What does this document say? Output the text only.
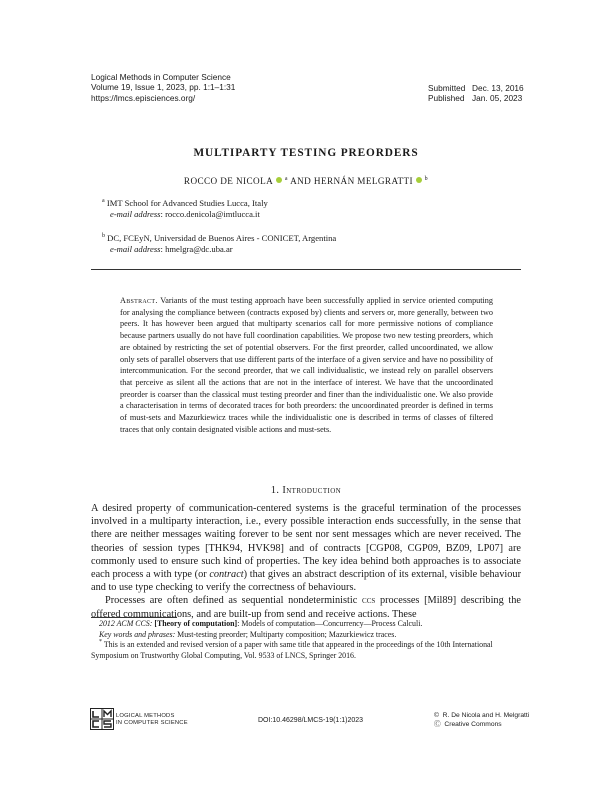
Logical Methods in Computer Science
Volume 19, Issue 1, 2023, pp. 1:1–1:31
https://lmcs.episciences.org/
Submitted Dec. 13, 2016
Published Jan. 05, 2023
MULTIPARTY TESTING PREORDERS
ROCCO DE NICOLA $^a$ AND HERNÁN MELGRATTI $^b$
$^a$ IMT School for Advanced Studies Lucca, Italy
e-mail address: rocco.denicola@imtlucca.it
$^b$ DC, FCEyN, Universidad de Buenos Aires - CONICET, Argentina
e-mail address: hmelgra@dc.uba.ar
Abstract. Variants of the must testing approach have been successfully applied in service oriented computing for analysing the compliance between (contracts exposed by) clients and servers or, more generally, between two peers. It has however been argued that multiparty scenarios call for more permissive notions of compliance because partners usually do not have full coordination capabilities. We propose two new testing preorders, which are obtained by restricting the set of potential observers. For the first preorder, called uncoordinated, we allow only sets of parallel observers that use different parts of the interface of a given service and have no possibility of intercommunication. For the second preorder, that we call individualistic, we instead rely on parallel observers that perceive as silent all the actions that are not in the interface of interest. We have that the uncoordinated preorder is coarser than the classical must testing preorder and finer than the individualistic one. We also provide a characterisation in terms of decorated traces for both preorders: the uncoordinated preorder is defined in terms of must-sets and Mazurkiewicz traces while the individualistic one is described in terms of classes of filtered traces that only contain designated visible actions and must-sets.
1. Introduction

A desired property of communication-centered systems is the graceful termination of the processes involved in a multiparty interaction, i.e., every possible interaction ends successfully, in the sense that there are neither messages waiting forever to be sent nor sent messages which are never received. The theories of session types [THK94, HVK98] and of contracts [CGP08, CGP09, BZ09, LP07] are commonly used to ensure such kind of properties. The key idea behind both approaches is to associate each process a with type (or contract) that gives an abstract description of its external, visible behaviour and to use type checking to verify the correctness of behaviours.

Processes are often defined as sequential nondeterministic ccs processes [Mil89] describing the offered communications, and are built-up from send and receive actions. These

2012 ACM CCS: [Theory of computation]: Models of computation—Concurrency—Process Calculi.
Key words and phrases: Must-testing preorder; Multiparty composition; Mazurkiewicz traces.
* This is an extended and revised version of a paper with same title that appeared in the proceedings of the 10th International Symposium on Trustworthy Global Computing, Vol. 9533 of LNCS, Springer 2016.
LOGICAL METHODS
IN COMPUTER SCIENCE	DOI:10.46298/LMCS-19(1:1)2023
© R. De Nicola and H. Melgratti
Ⓒ Creative Commons
